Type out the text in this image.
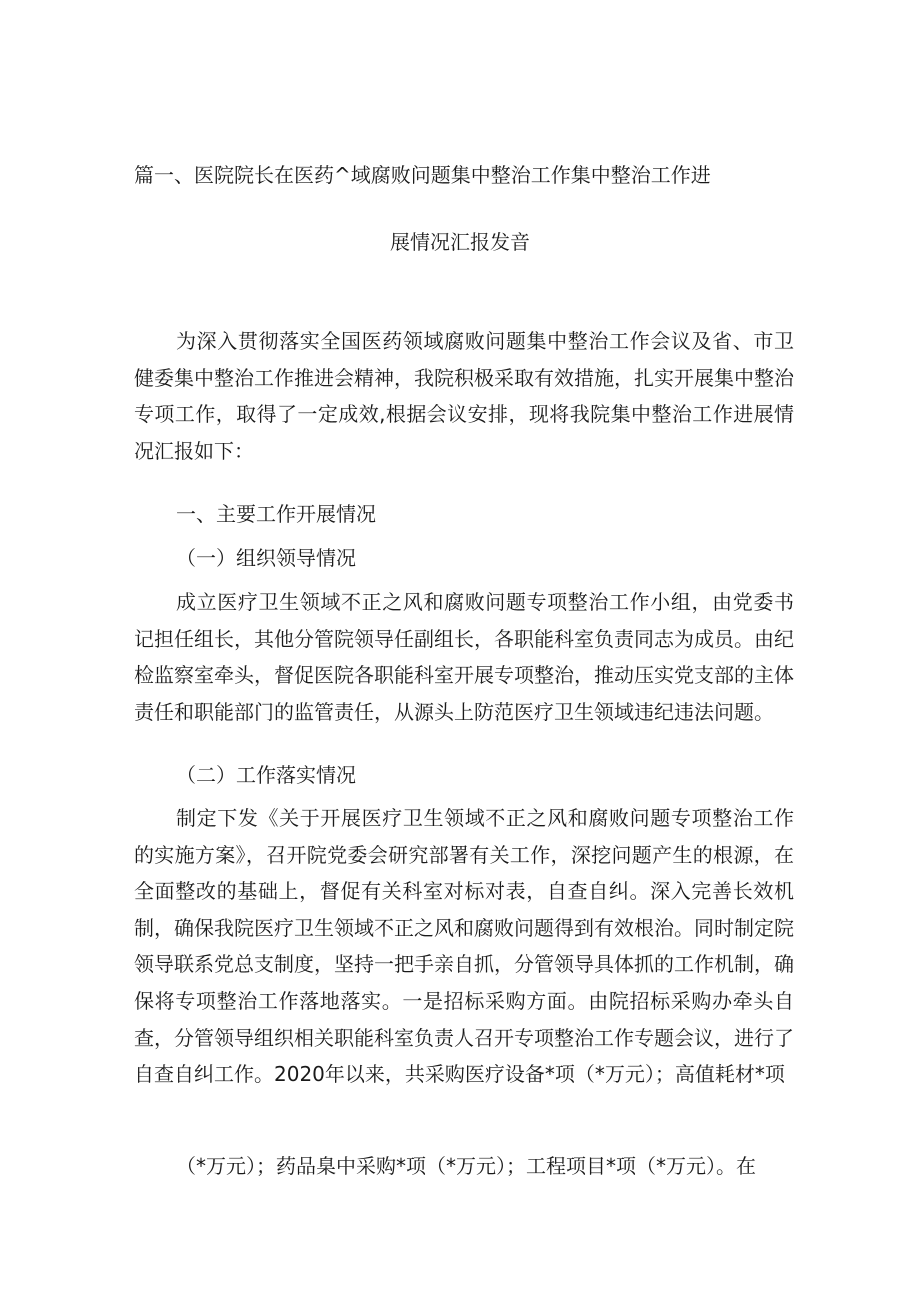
篇一、医院院长在医药^域腐败问题集中整治工作集中整治工作进
展情况汇报发音
为深入贯彻落实全国医药领域腐败问题集中整治工作会议及省、市卫健委集中整治工作推进会精神，我院积极采取有效措施，扎实开展集中整治专项工作，取得了一定成效,根据会议安排，现将我院集中整治工作进展情况汇报如下：
一、主要工作开展情况
（一）组织领导情况
成立医疗卫生领域不正之风和腐败问题专项整治工作小组，由党委书记担任组长，其他分管院领导任副组长，各职能科室负责同志为成员。由纪检监察室牵头，督促医院各职能科室开展专项整治，推动压实党支部的主体责任和职能部门的监管责任，从源头上防范医疗卫生领域违纪违法问题。
（二）工作落实情况
制定下发《关于开展医疗卫生领域不正之风和腐败问题专项整治工作的实施方案》，召开院党委会研究部署有关工作，深挖问题产生的根源，在全面整改的基础上，督促有关科室对标对表，自查自纠。深入完善长效机制，确保我院医疗卫生领域不正之风和腐败问题得到有效根治。同时制定院领导联系党总支制度，坚持一把手亲自抓，分管领导具体抓的工作机制，确保将专项整治工作落地落实。一是招标采购方面。由院招标采购办牵头自查，分管领导组织相关职能科室负责人召开专项整治工作专题会议，进行了自查自纠工作。2020年以来，共采购医疗设备*项（*万元）；高值耗材*项
（*万元）；药品臬中采购*项（*万元）；工程项目*项（*万元）。在
